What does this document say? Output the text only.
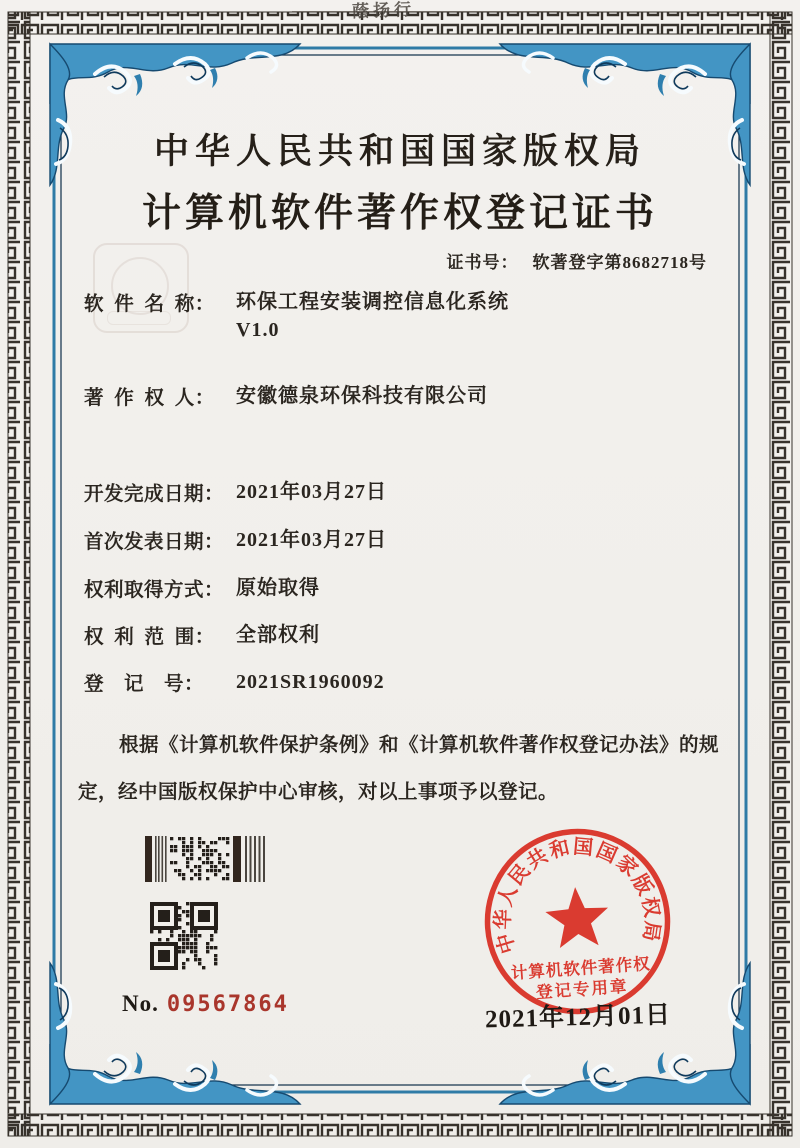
蔭扬行
中华人民共和国国家版权局
计算机软件著作权登记证书
证书号： 软著登字第8682718号
软 件 名 称： 环保工程安装调控信息化系统
V1.0
著 作 权 人： 安徽德泉环保科技有限公司
开发完成日期： 2021年03月27日
首次发表日期： 2021年03月27日
权利取得方式： 原始取得
权 利 范 围： 全部权利
登 记 号： 2021SR1960092
根据《计算机软件保护条例》和《计算机软件著作权登记办法》的规定，经中国版权保护中心审核，对以上事项予以登记。
No. 09567864
中华人民共和国国家版权局
计算机软件著作权
登记专用章
2021年12月01日
